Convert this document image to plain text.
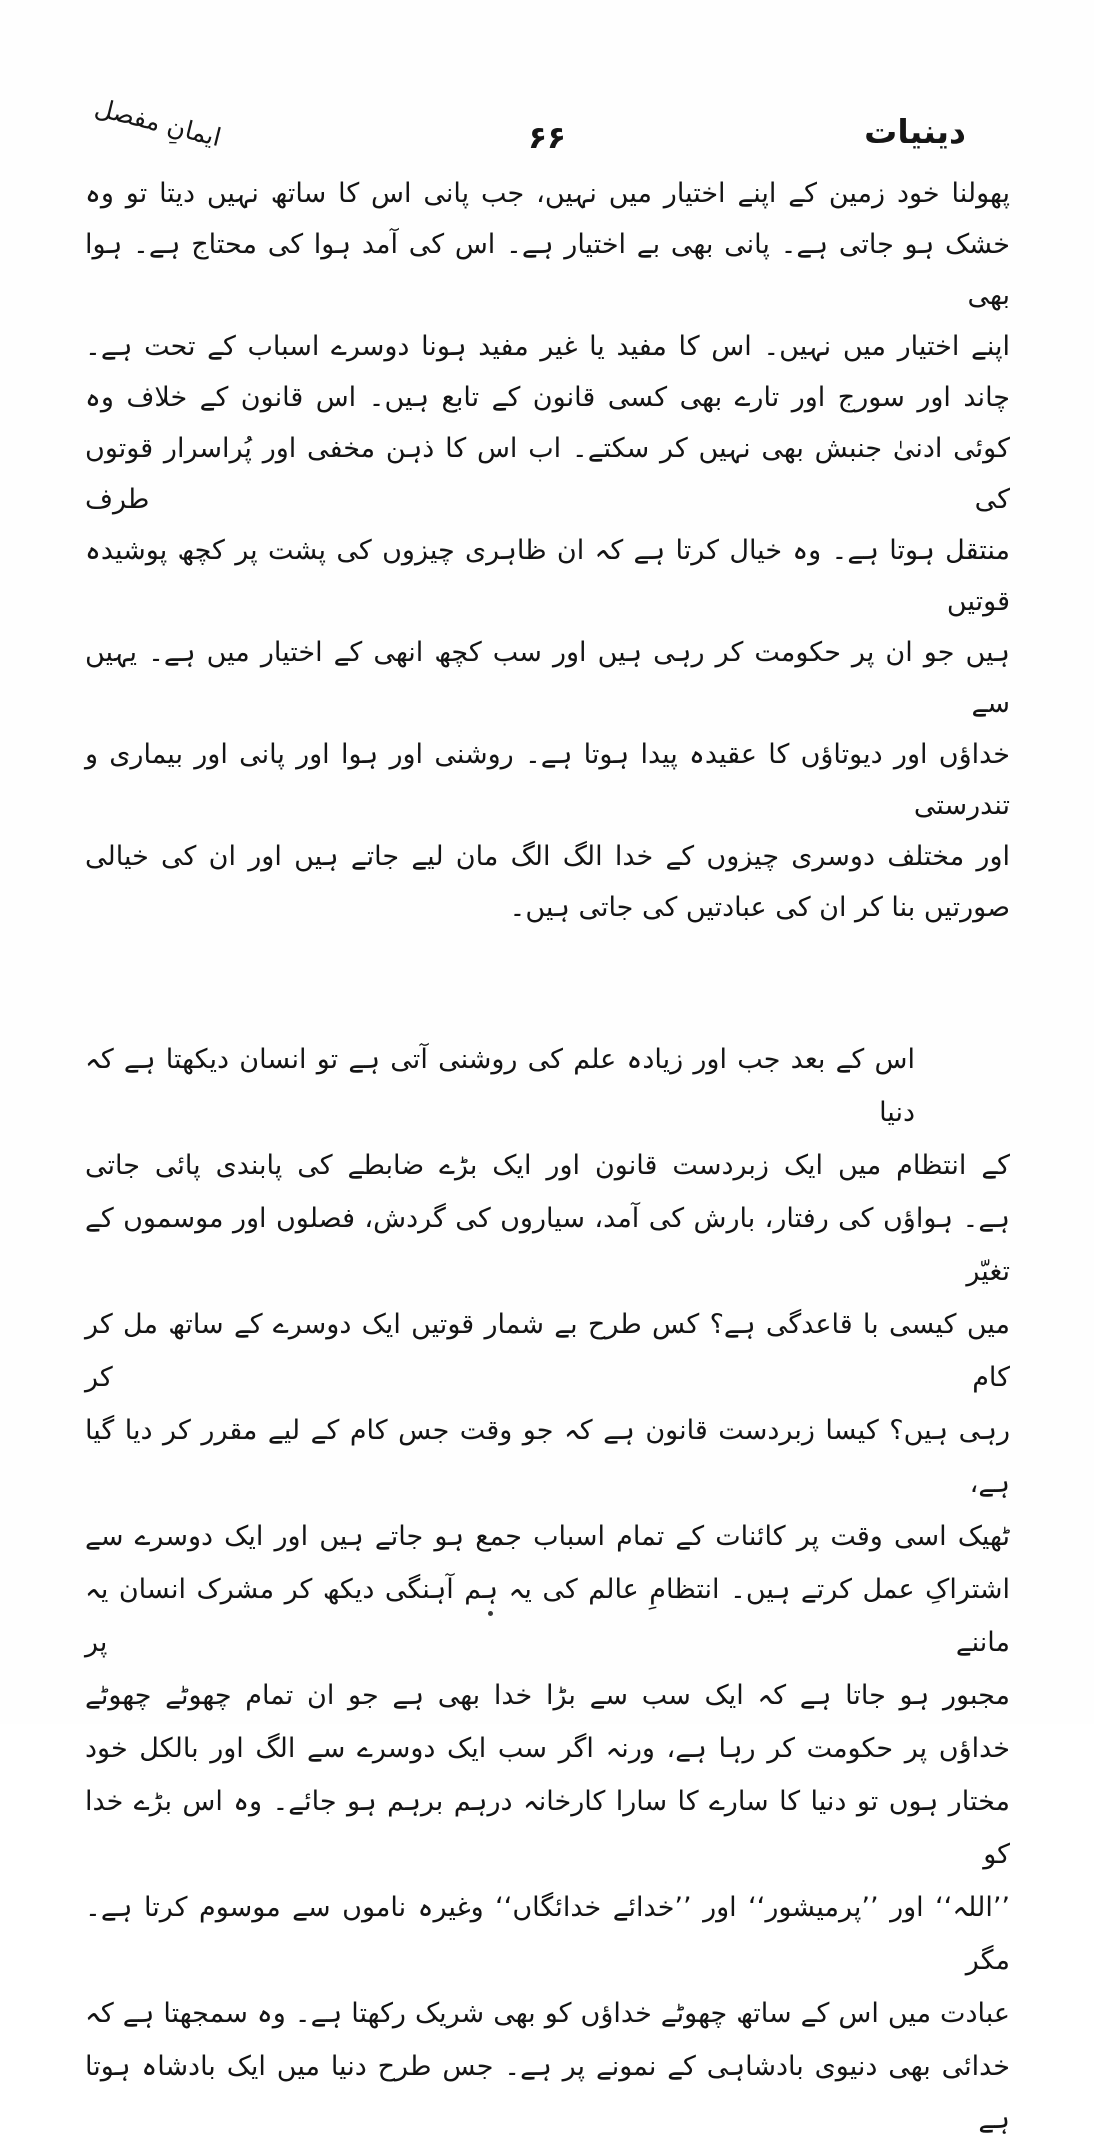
دینیات
۶۶
ایمانِ مفصل
پھولنا خود زمین کے اپنے اختیار میں نہیں، جب پانی اس کا ساتھ نہیں دیتا تو وہ
خشک ہو جاتی ہے۔ پانی بھی بے اختیار ہے۔ اس کی آمد ہوا کی محتاج ہے۔ ہوا بھی
اپنے اختیار میں نہیں۔ اس کا مفید یا غیر مفید ہونا دوسرے اسباب کے تحت ہے۔
چاند اور سورج اور تارے بھی کسی قانون کے تابع ہیں۔ اس قانون کے خلاف وہ
کوئی ادنیٰ جنبش بھی نہیں کر سکتے۔ اب اس کا ذہن مخفی اور پُراسرار قوتوں کی طرف
منتقل ہوتا ہے۔ وہ خیال کرتا ہے کہ ان ظاہری چیزوں کی پشت پر کچھ پوشیدہ قوتیں
ہیں جو ان پر حکومت کر رہی ہیں اور سب کچھ انھی کے اختیار میں ہے۔ یہیں سے
خداؤں اور دیوتاؤں کا عقیدہ پیدا ہوتا ہے۔ روشنی اور ہوا اور پانی اور بیماری و تندرستی
اور مختلف دوسری چیزوں کے خدا الگ الگ مان لیے جاتے ہیں اور ان کی خیالی
صورتیں بنا کر ان کی عبادتیں کی جاتی ہیں۔
اس کے بعد جب اور زیادہ علم کی روشنی آتی ہے تو انسان دیکھتا ہے کہ دنیا
کے انتظام میں ایک زبردست قانون اور ایک بڑے ضابطے کی پابندی پائی جاتی
ہے۔ ہواؤں کی رفتار، بارش کی آمد، سیاروں کی گردش، فصلوں اور موسموں کے تغیّر
میں کیسی با قاعدگی ہے؟ کس طرح بے شمار قوتیں ایک دوسرے کے ساتھ مل کر کام کر
رہی ہیں؟ کیسا زبردست قانون ہے کہ جو وقت جس کام کے لیے مقرر کر دیا گیا ہے،
ٹھیک اسی وقت پر کائنات کے تمام اسباب جمع ہو جاتے ہیں اور ایک دوسرے سے
اشتراکِ عمل کرتے ہیں۔ انتظامِ عالم کی یہ ہم آہنگی دیکھ کر مشرک انسان یہ ماننے پر
مجبور ہو جاتا ہے کہ ایک سب سے بڑا خدا بھی ہے جو ان تمام چھوٹے چھوٹے
خداؤں پر حکومت کر رہا ہے، ورنہ اگر سب ایک دوسرے سے الگ اور بالکل خود
مختار ہوں تو دنیا کا سارے کا سارا کارخانہ درہم برہم ہو جائے۔ وہ اس بڑے خدا کو
’’اللہ‘‘ اور ’’پرمیشور‘‘ اور ’’خدائے خدائگاں‘‘ وغیرہ ناموں سے موسوم کرتا ہے۔ مگر
عبادت میں اس کے ساتھ چھوٹے خداؤں کو بھی شریک رکھتا ہے۔ وہ سمجھتا ہے کہ
خدائی بھی دنیوی بادشاہی کے نمونے پر ہے۔ جس طرح دنیا میں ایک بادشاہ ہوتا ہے
